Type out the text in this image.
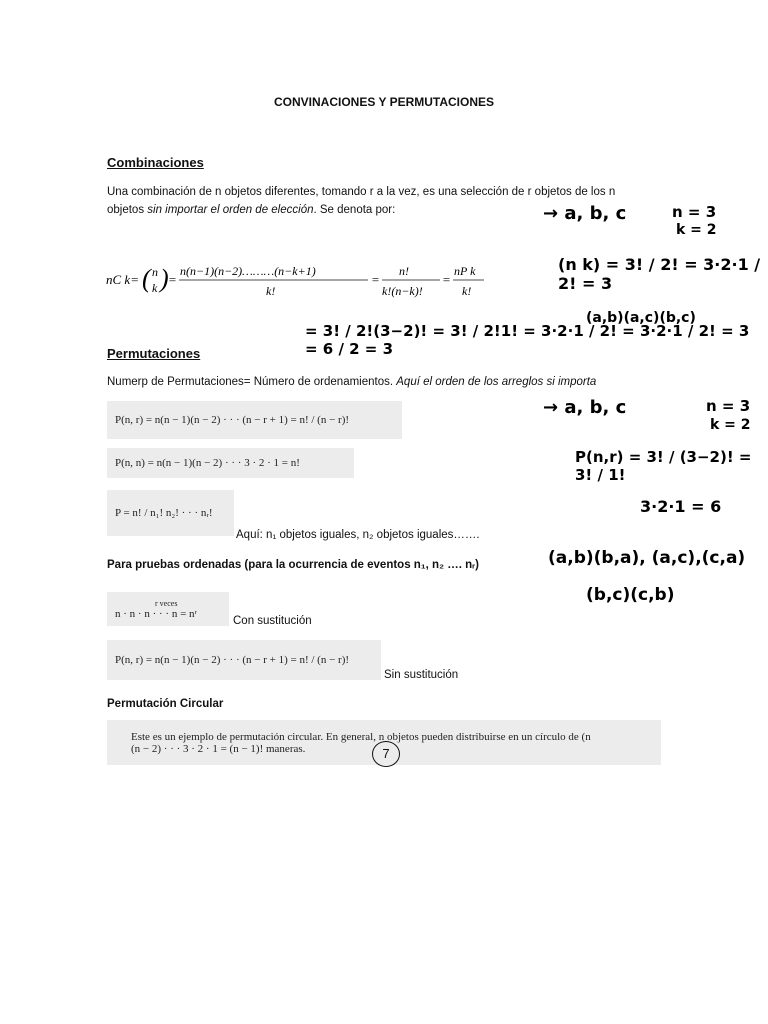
CONVINACIONES Y PERMUTACIONES
Combinaciones
Una combinación de n objetos diferentes, tomando r a la vez, es una selección de r objetos de los n
objetos sin importar el orden de elección. Se denota por:
nC k= ( n
k ) =
n(n−1)(n−2)………(n−k+1)
k!
=
n!
k!(n−k)!
=
nP k
k!
Permutaciones
Numerp de Permutaciones= Número de ordenamientos. Aquí el orden de los arreglos si importa
P(n, r) = n(n − 1)(n − 2) · · · (n − r + 1) = n! / (n − r)!
P(n, n) = n(n − 1)(n − 2) · · · 3 · 2 · 1 = n!
P = n! / n₁! n₂! · · · nᵣ!
Aquí: n₁ objetos iguales, n₂ objetos iguales…….
Para pruebas ordenadas (para la ocurrencia de eventos n₁, n₂ …. nᵣ)
r veces
n · n · n · · · n = nʳ
Con sustitución
P(n, r) = n(n − 1)(n − 2) · · · (n − r + 1) = n! / (n − r)!
Sin sustitución
Permutación Circular
Este es un ejemplo de permutación circular. En general, n objetos pueden distribuirse en un círculo de (n
(n − 2) · · · 3 · 2 · 1 = (n − 1)! maneras.	7
→ a, b, c	n = 3
k = 2
(n k) = 3! / 2! = 3·2·1 / 2! = 3
= 3! / 2!(3−2)! = 3! / 2!1! = 3·2·1 / 2! = 3·2·1 / 2! = 3 = 6 / 2 = 3
(a,b)(a,c)(b,c)
→ a, b, c	n = 3
k = 2
P(n,r) = 3! / (3−2)! = 3! / 1!
3·2·1 = 6
(a,b)(b,a), (a,c),(c,a)
(b,c)(c,b)
